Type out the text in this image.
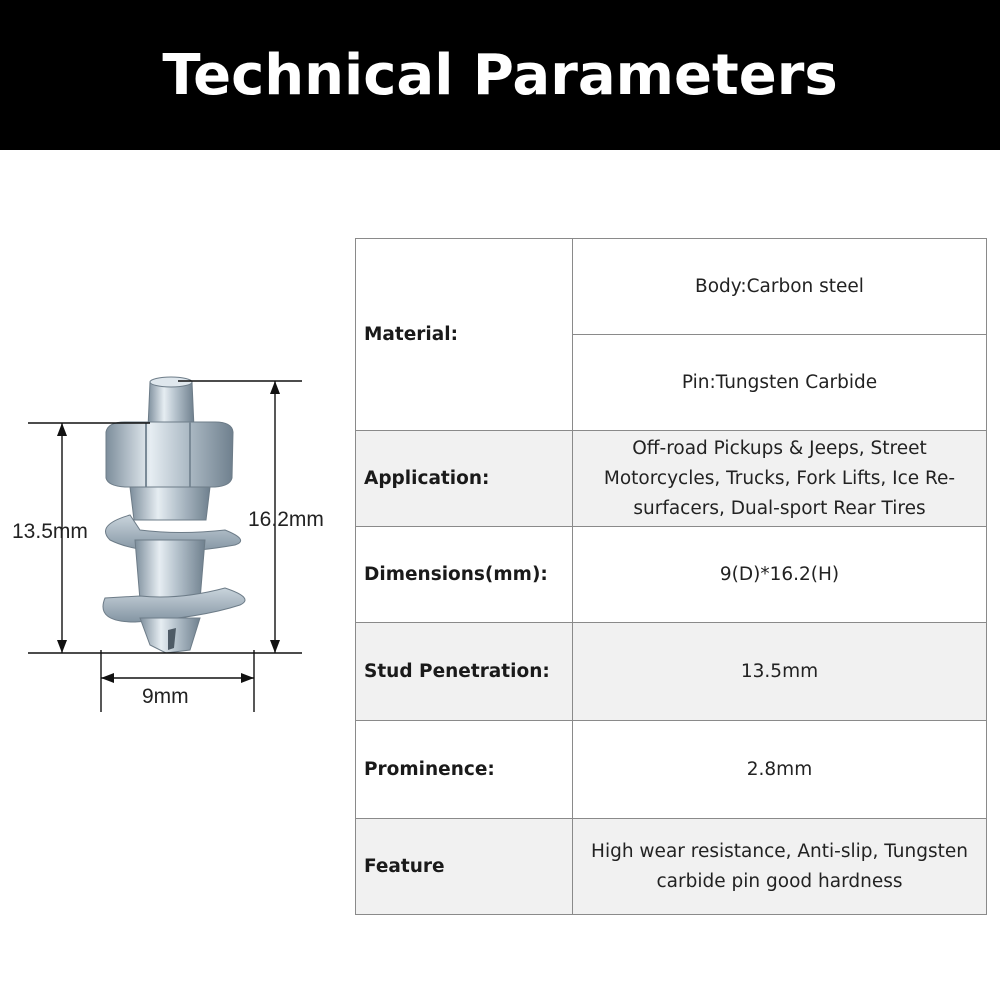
Technical Parameters
13.5mm
16.2mm
9mm
Material:	Body:Carbon steel
	Pin:Tungsten Carbide
Application:	Off-road Pickups & Jeeps, Street Motorcycles, Trucks, Fork Lifts, Ice Re-surfacers, Dual-sport Rear Tires
Dimensions(mm):	9(D)*16.2(H)
Stud Penetration:	13.5mm
Prominence:	2.8mm
Feature	High wear resistance, Anti-slip, Tungsten carbide pin good hardness
